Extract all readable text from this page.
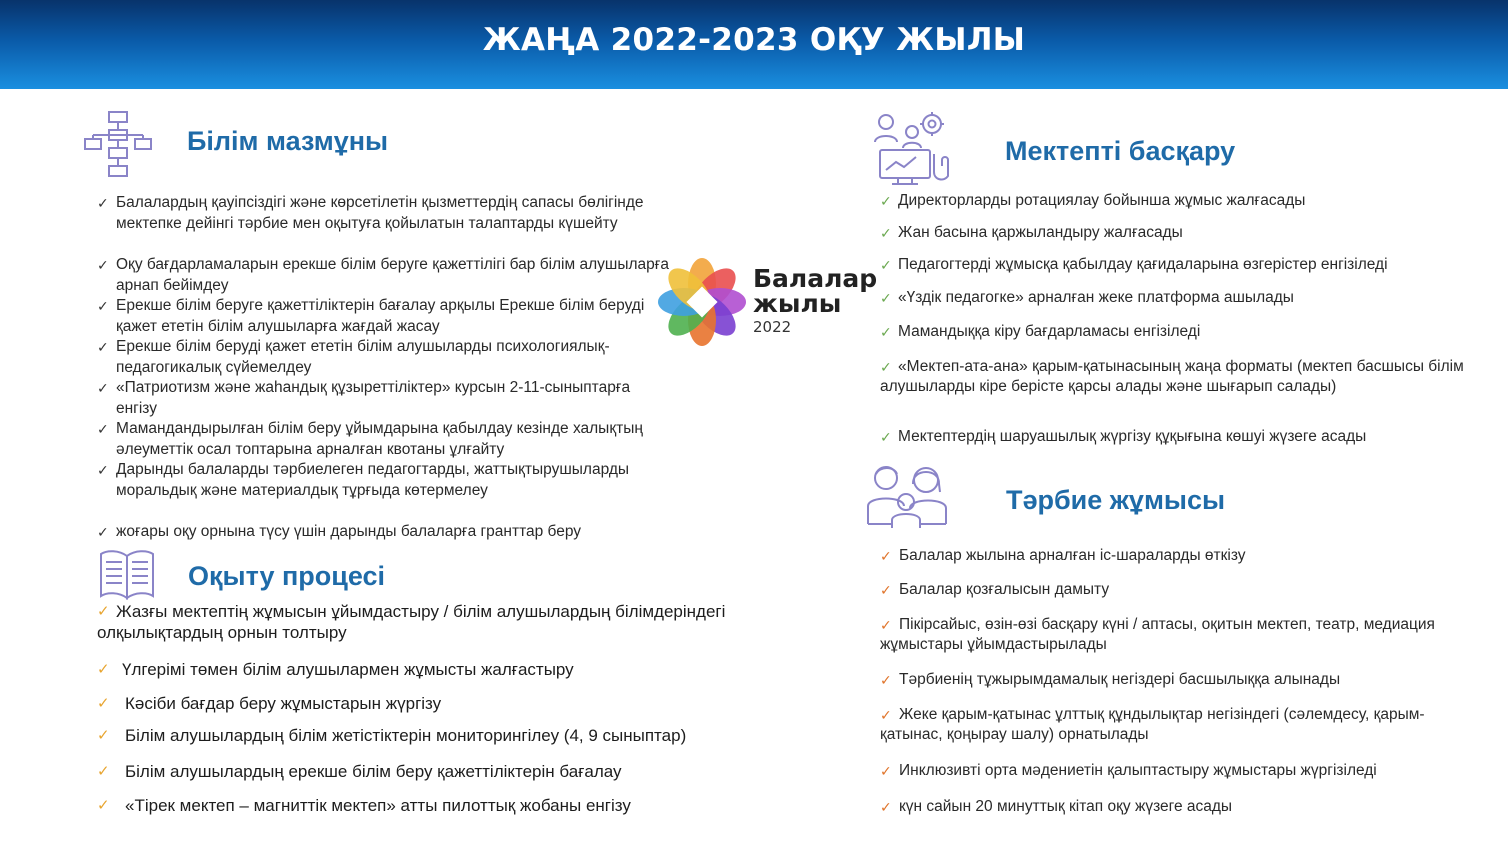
ЖАҢА 2022-2023 ОҚУ ЖЫЛЫ
Білім мазмұны
✓ Балалардың қауіпсіздігі және көрсетілетін қызметтердің сапасы бөлігінде мектепке дейінгі тәрбие мен оқытуға қойылатын талаптарды күшейту
✓ Оқу бағдарламаларын ерекше білім беруге қажеттілігі бар білім алушыларға арнап бейімдеу
✓ Ерекше білім беруге қажеттіліктерін бағалау арқылы Ерекше білім беруді қажет ететін білім алушыларға жағдай жасау
✓ Ерекше білім беруді қажет ететін білім алушыларды психологиялық-педагогикалық сүйемелдеу
✓ «Патриотизм және жаһандық құзыреттіліктер» курсын 2-11-сыныптарға енгізу
✓ Мамандандырылған білім беру ұйымдарына қабылдау кезінде халықтың әлеуметтік осал топтарына арналған квотаны ұлғайту
✓ Дарынды балаларды тәрбиелеген педагогтарды, жаттықтырушыларды моральдық және материалдық тұрғыда көтермелеу
✓ жоғары оқу орнына түсу үшін дарынды балаларға гранттар беру
Балалар
жылы
2022
Оқыту процесі
✓ Жазғы мектептің жұмысын ұйымдастыру / білім алушылардың білімдеріндегі олқылықтардың орнын толтыру
✓ Үлгерімі төмен білім алушылармен жұмысты жалғастыру
✓ Кәсіби бағдар беру жұмыстарын жүргізу
✓ Білім алушылардың білім жетістіктерін мониторингілеу (4, 9 сыныптар)
✓ Білім алушылардың ерекше білім беру қажеттіліктерін бағалау
✓ «Тірек мектеп – магниттік мектеп» атты пилоттық жобаны енгізу
Мектепті басқару
✓ Директорларды ротациялау бойынша жұмыс жалғасады
✓ Жан басына қаржыландыру жалғасады
✓ Педагогтерді жұмысқа қабылдау қағидаларына өзгерістер енгізіледі
✓ «Үздік педагогке» арналған жеке платформа ашылады
✓ Мамандыққа кіру бағдарламасы енгізіледі
✓ «Мектеп-ата-ана» қарым-қатынасының жаңа форматы (мектеп басшысы білім алушыларды кіре берісте қарсы алады және шығарып салады)
✓ Мектептердің шаруашылық жүргізу құқығына көшуі жүзеге асады
Тәрбие жұмысы
✓ Балалар жылына арналған іс-шараларды өткізу
✓ Балалар қозғалысын дамыту
✓ Пікірсайыс, өзін-өзі басқару күні / аптасы, оқитын мектеп, театр, медиация жұмыстары ұйымдастырылады
✓ Тәрбиенің тұжырымдамалық негіздері басшылыққа алынады
✓ Жеке қарым-қатынас ұлттық құндылықтар негізіндегі (сәлемдесу, қарым-қатынас, қоңырау шалу) орнатылады
✓ Инклюзивті орта мәдениетін қалыптастыру жұмыстары жүргізіледі
✓ күн сайын 20 минуттық кітап оқу жүзеге асады
